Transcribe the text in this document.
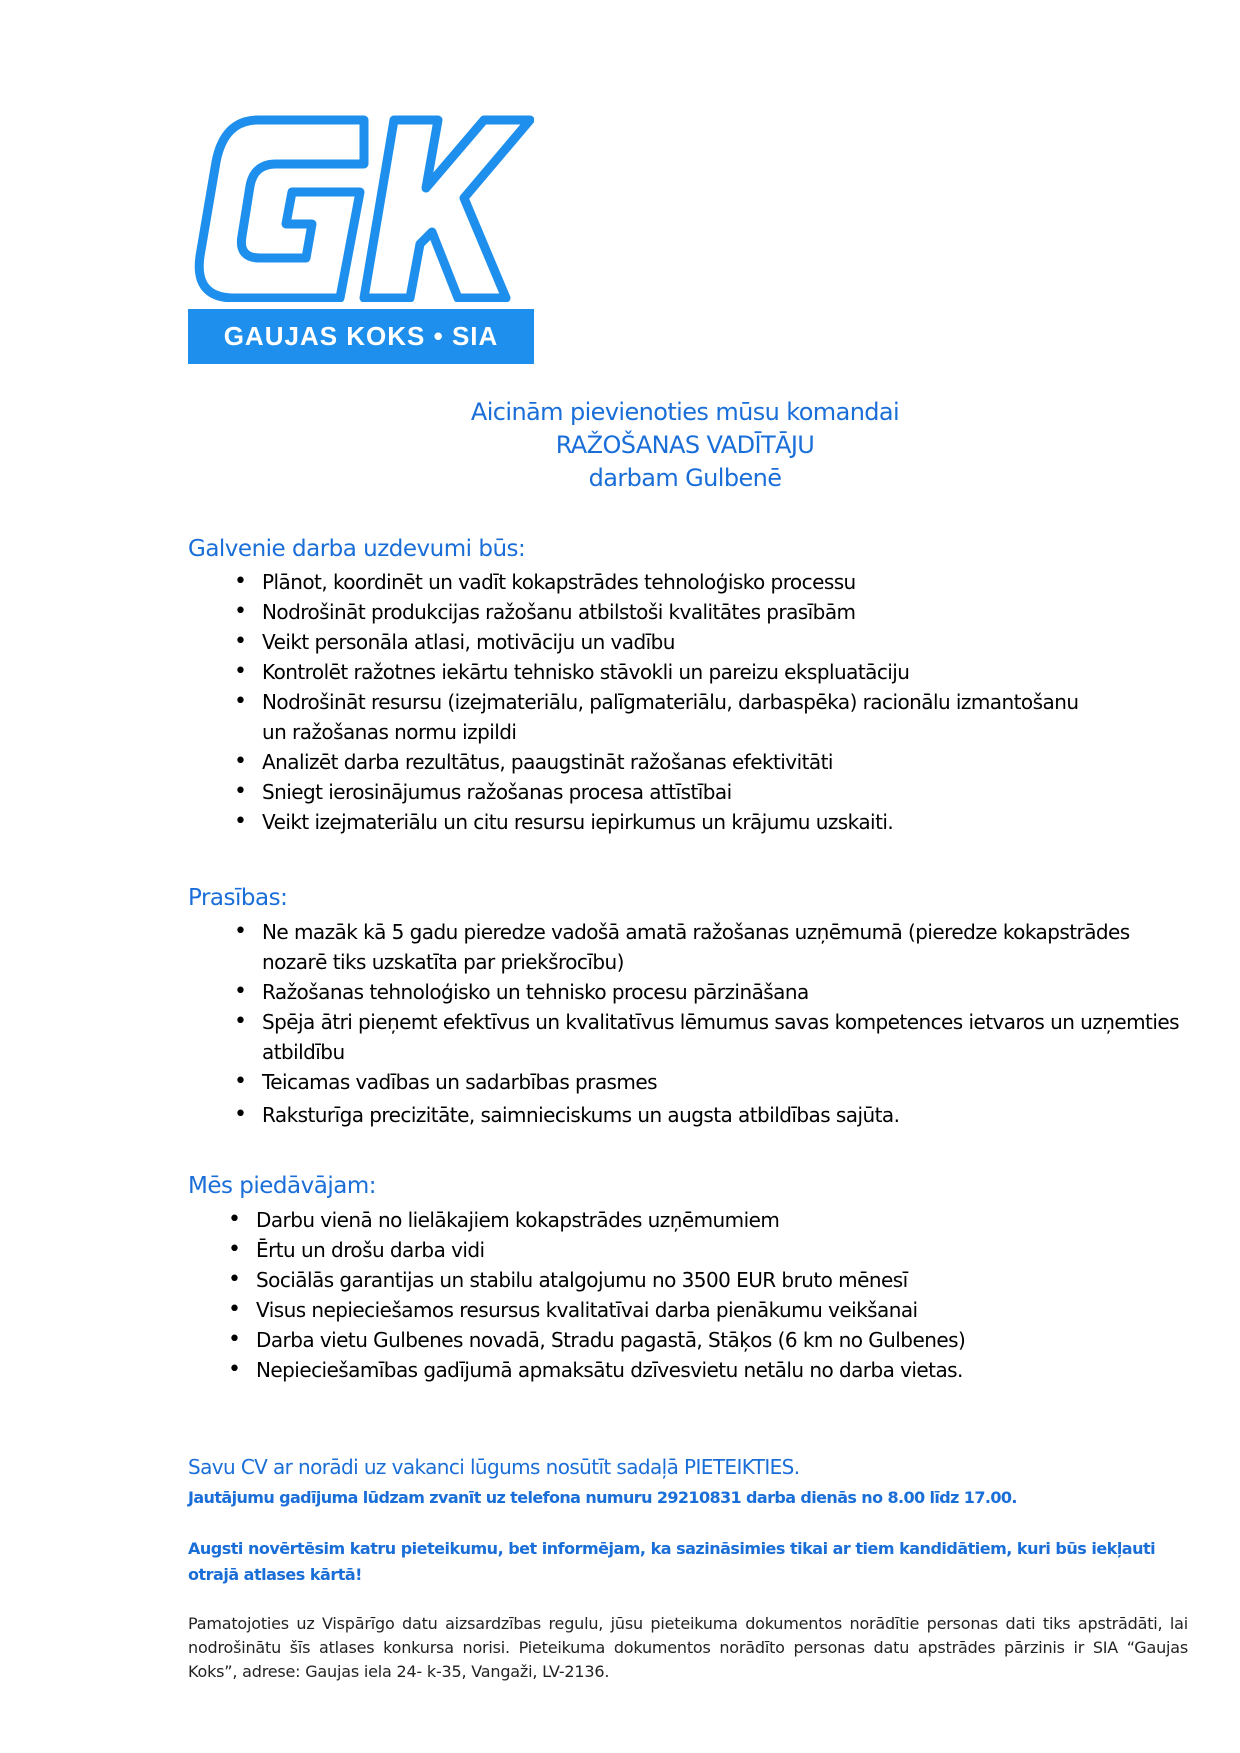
GAUJAS KOKS • SIA
Aicinām pievienoties mūsu komandai
RAŽOŠANAS VADĪTĀJU
darbam Gulbenē
Galvenie darba uzdevumi būs:
• Plānot, koordinēt un vadīt kokapstrādes tehnoloģisko processu
• Nodrošināt produkcijas ražošanu atbilstoši kvalitātes prasībām
• Veikt personāla atlasi, motivāciju un vadību
• Kontrolēt ražotnes iekārtu tehnisko stāvokli un pareizu ekspluatāciju
• Nodrošināt resursu (izejmateriālu, palīgmateriālu, darbaspēka) racionālu izmantošanu un ražošanas normu izpildi
• Analizēt darba rezultātus, paaugstināt ražošanas efektivitāti
• Sniegt ierosinājumus ražošanas procesa attīstībai
• Veikt izejmateriālu un citu resursu iepirkumus un krājumu uzskaiti.
Prasības:
• Ne mazāk kā 5 gadu pieredze vadošā amatā ražošanas uzņēmumā (pieredze kokapstrādes nozarē tiks uzskatīta par priekšrocību)
• Ražošanas tehnoloģisko un tehnisko procesu pārzināšana
• Spēja ātri pieņemt efektīvus un kvalitatīvus lēmumus savas kompetences ietvaros un uzņemties atbildību
• Teicamas vadības un sadarbības prasmes
• Raksturīga precizitāte, saimnieciskums un augsta atbildības sajūta.
Mēs piedāvājam:
• Darbu vienā no lielākajiem kokapstrādes uzņēmumiem
• Ērtu un drošu darba vidi
• Sociālās garantijas un stabilu atalgojumu no 3500 EUR bruto mēnesī
• Visus nepieciešamos resursus kvalitatīvai darba pienākumu veikšanai
• Darba vietu Gulbenes novadā, Stradu pagastā, Stāķos (6 km no Gulbenes)
• Nepieciešamības gadījumā apmaksātu dzīvesvietu netālu no darba vietas.
Savu CV ar norādi uz vakanci lūgums nosūtīt sadaļā PIETEIKTIES.
Jautājumu gadījuma lūdzam zvanīt uz telefona numuru 29210831 darba dienās no 8.00 līdz 17.00.
Augsti novērtēsim katru pieteikumu, bet informējam, ka sazināsimies tikai ar tiem kandidātiem, kuri būs iekļauti otrajā atlases kārtā!
Pamatojoties uz Vispārīgo datu aizsardzības regulu, jūsu pieteikuma dokumentos norādītie personas dati tiks apstrādāti, lai nodrošinātu šīs atlases konkursa norisi. Pieteikuma dokumentos norādīto personas datu apstrādes pārzinis ir SIA “Gaujas Koks”, adrese: Gaujas iela 24- k-35, Vangaži, LV-2136.
